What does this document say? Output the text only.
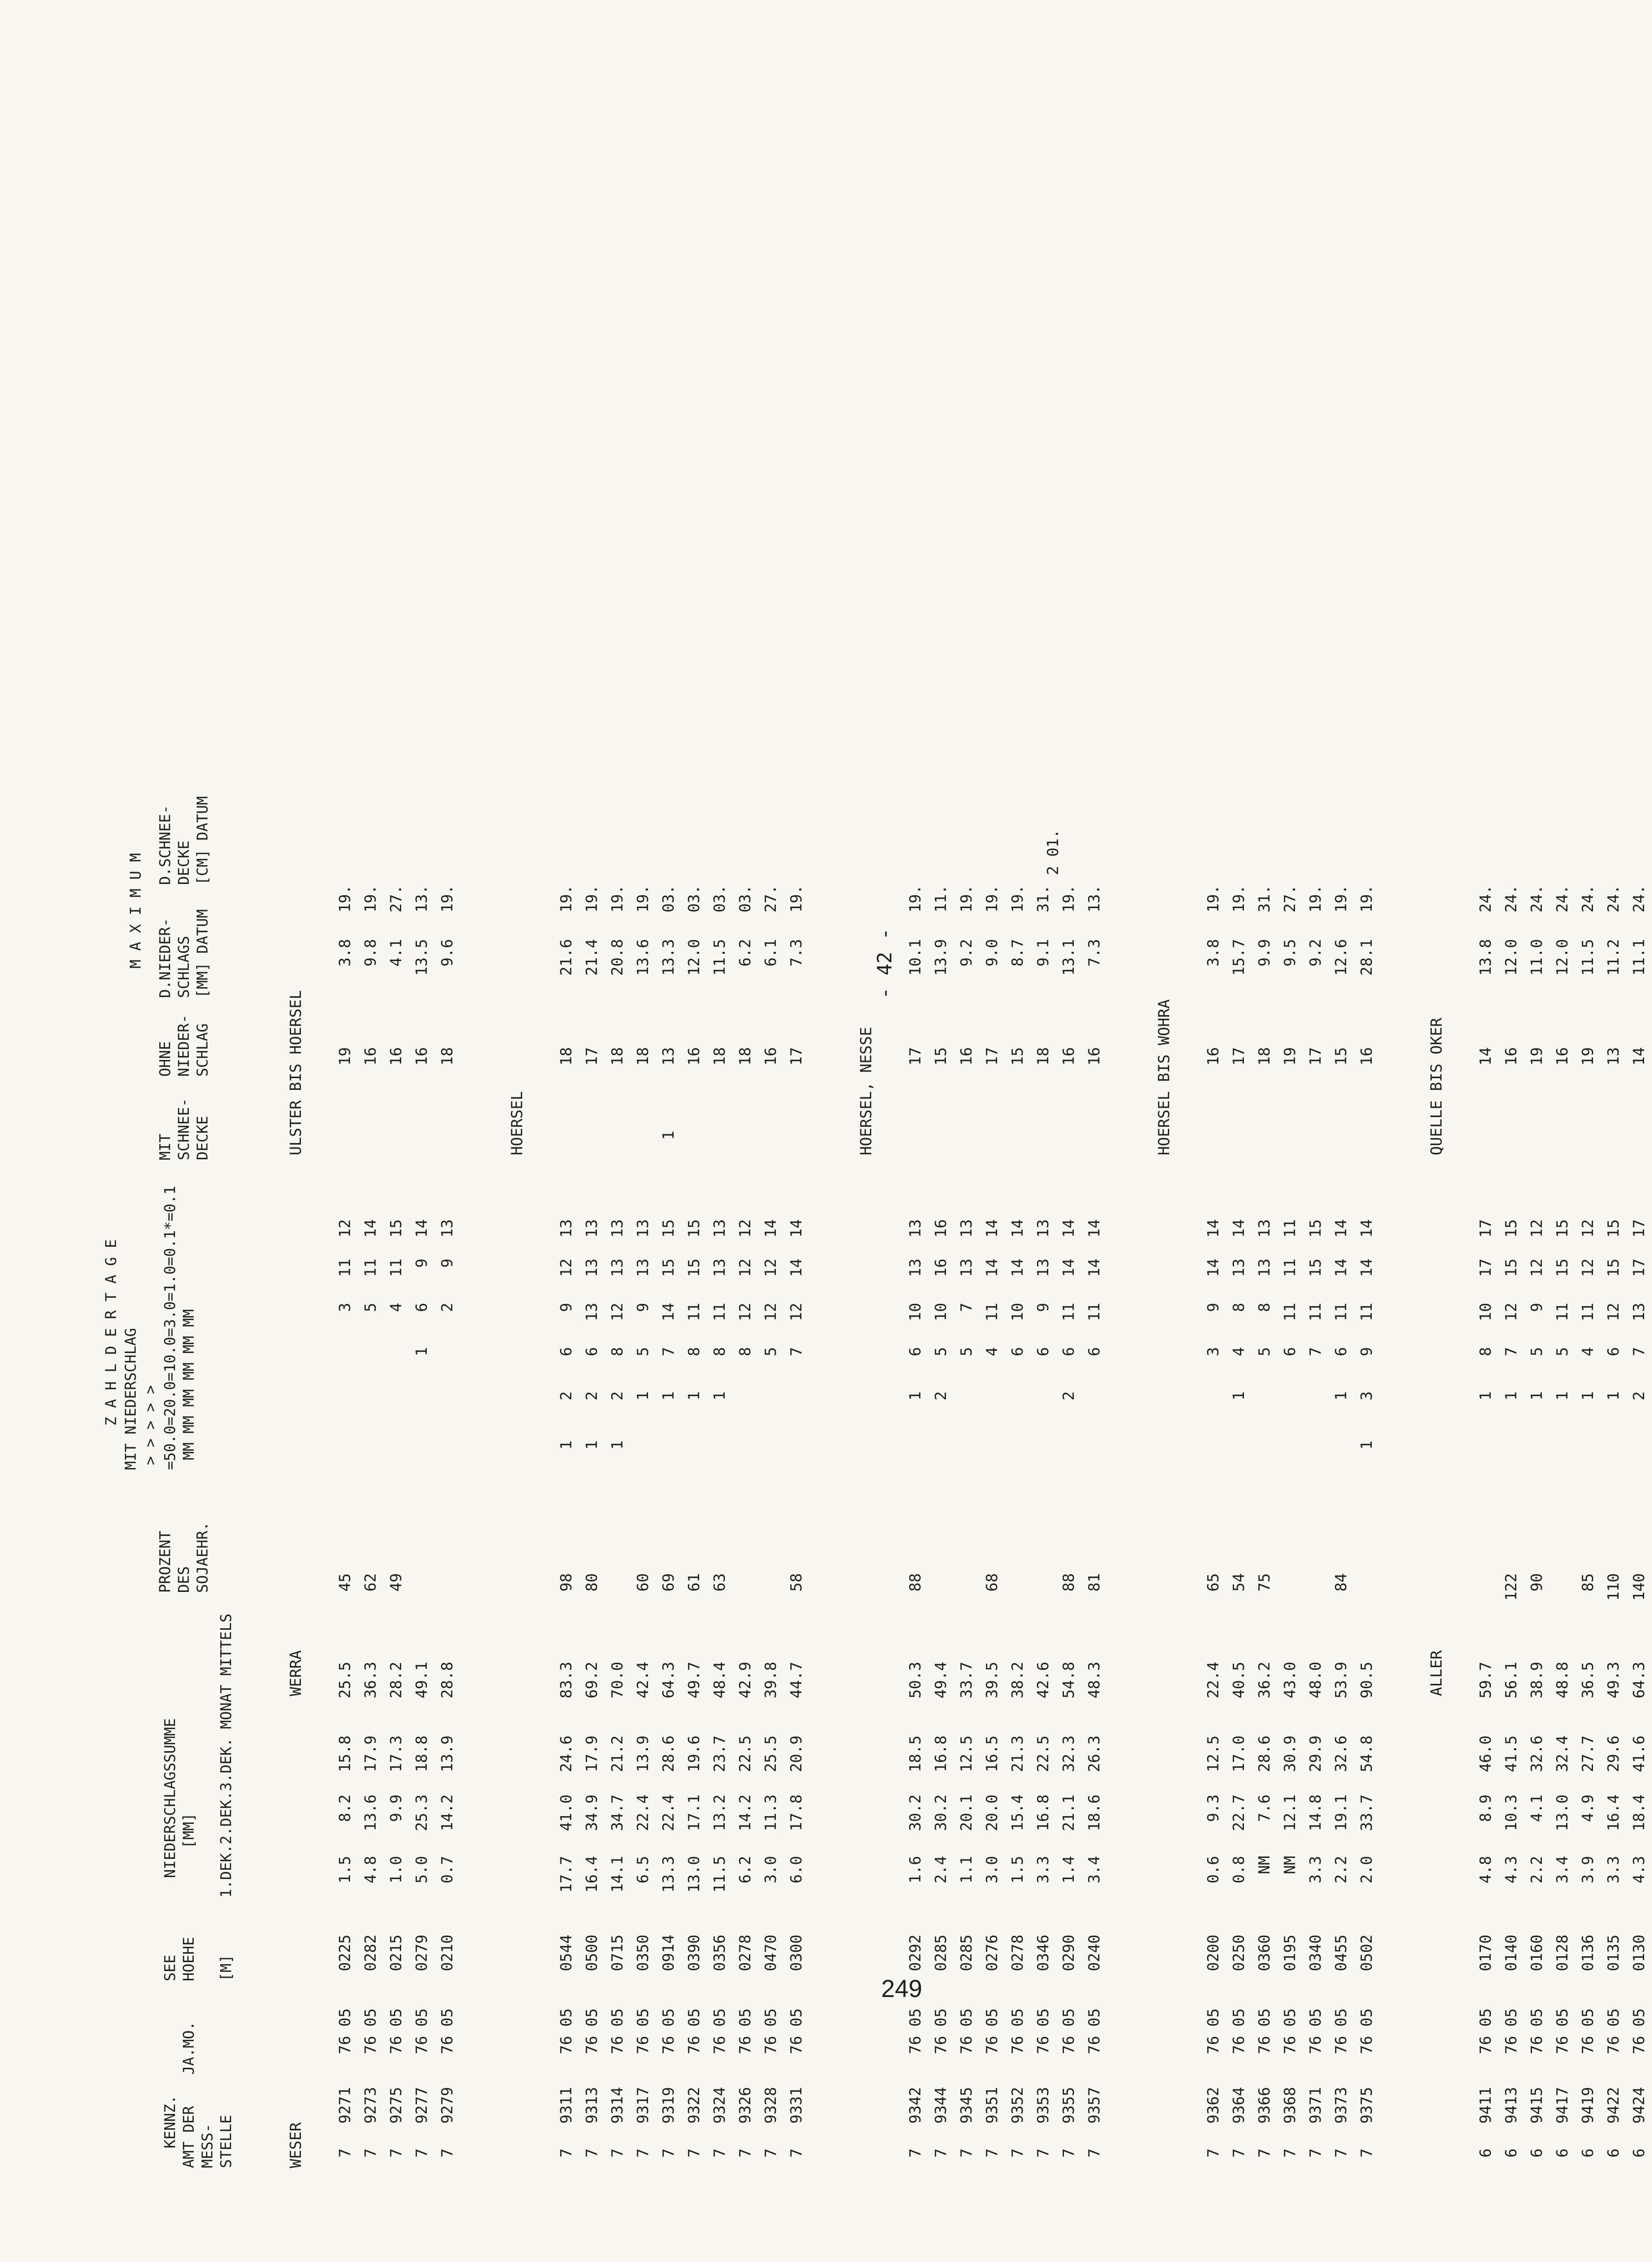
- 42 -
249
KENNZ. AMT DER MESS- STELLE
JA.MO.
SEE HOEHE [M]
NIEDERSCHLAGSSUMME [MM] 1.DEK.2.DEK.3.DEK. MONAT MITTELS
PROZENT DES SOJAEHR.
Z A H L D E R T A G E MIT NIEDERSCHLAG > > > > > =50.0=20.0=10.0=3.0=1.0=0.1*=0.1 MM MM MM MM MM MM
MIT SCHNEE- DECKE
OHNE NIEDER- SCHLAG
M A X I M U M D.NIEDER- SCHLAGS [MM] DATUM
D.SCHNEE- DECKE [CM] DATUM
WESER
WERRA
ULSTER BIS HOERSEL
7
9271
76 05
0225
1.5
8.2
15.8
25.5
45
3
11
12
19
3.8
19.
7
9273
76 05
0282
4.8
13.6
17.9
36.3
62
5
11
14
16
9.8
19.
7
9275
76 05
0215
1.0
9.9
17.3
28.2
49
4
11
15
16
4.1
27.
7
9277
76 05
0279
5.0
25.3
18.8
49.1
1
6
9
14
16
13.5
13.
7
9279
76 05
0210
0.7
14.2
13.9
28.8
2
9
13
18
9.6
19.
HOERSEL
7
9311
76 05
0544
17.7
41.0
24.6
83.3
98
1
2
6
9
12
13
18
21.6
19.
7
9313
76 05
0500
16.4
34.9
17.9
69.2
80
1
2
6
13
13
13
17
21.4
19.
7
9314
76 05
0715
14.1
34.7
21.2
70.0
1
2
8
12
13
13
18
20.8
19.
7
9317
76 05
0350
6.5
22.4
13.9
42.4
60
1
5
9
13
13
18
13.6
19.
7
9319
76 05
0914
13.3
22.4
28.6
64.3
69
1
7
14
15
15
1
13
13.3
03.
7
9322
76 05
0390
13.0
17.1
19.6
49.7
61
1
8
11
15
15
16
12.0
03.
7
9324
76 05
0356
11.5
13.2
23.7
48.4
63
1
8
11
13
13
18
11.5
03.
7
9326
76 05
0278
6.2
14.2
22.5
42.9
8
12
12
12
18
6.2
03.
7
9328
76 05
0470
3.0
11.3
25.5
39.8
5
12
12
14
16
6.1
27.
7
9331
76 05
0300
6.0
17.8
20.9
44.7
58
7
12
14
14
17
7.3
19.
HOERSEL, NESSE
7
9342
76 05
0292
1.6
30.2
18.5
50.3
88
1
6
10
13
13
17
10.1
19.
7
9344
76 05
0285
2.4
30.2
16.8
49.4
2
5
10
16
16
15
13.9
11.
7
9345
76 05
0285
1.1
20.1
12.5
33.7
5
7
13
13
16
9.2
19.
7
9351
76 05
0276
3.0
20.0
16.5
39.5
68
4
11
14
14
17
9.0
19.
7
9352
76 05
0278
1.5
15.4
21.3
38.2
6
10
14
14
15
8.7
19.
7
9353
76 05
0346
3.3
16.8
22.5
42.6
6
9
13
13
18
9.1
31.
7
9355
76 05
0290
1.4
21.1
32.3
54.8
88
2
6
11
14
14
16
13.1
19.
7
9357
76 05
0240
3.4
18.6
26.3
48.3
81
6
11
14
14
16
7.3
13.
HOERSEL BIS WOHRA
7
9362
76 05
0200
0.6
9.3
12.5
22.4
65
3
9
14
14
16
3.8
19.
7
9364
76 05
0250
0.8
22.7
17.0
40.5
54
1
4
8
13
14
17
15.7
19.
7
9366
76 05
0360
NM
7.6
28.6
36.2
75
5
8
13
13
18
9.9
31.
7
9368
76 05
0195
NM
12.1
30.9
43.0
6
11
11
11
19
9.5
27.
7
9371
76 05
0340
3.3
14.8
29.9
48.0
7
11
15
15
17
9.2
19.
7
9373
76 05
0455
2.2
19.1
32.6
53.9
84
1
6
11
14
14
15
12.6
19.
7
9375
76 05
0502
2.0
33.7
54.8
90.5
1
3
9
11
14
14
16
28.1
19.
ALLER
QUELLE BIS OKER
6
9411
76 05
0170
4.8
8.9
46.0
59.7
1
8
10
17
17
14
13.8
24.
6
9413
76 05
0140
4.3
10.3
41.5
56.1
122
1
7
12
15
15
16
12.0
24.
6
9415
76 05
0160
2.2
4.1
32.6
38.9
90
1
5
9
12
12
19
11.0
24.
6
9417
76 05
0128
3.4
13.0
32.4
48.8
1
5
11
15
15
16
12.0
24.
6
9419
76 05
0136
3.9
4.9
27.7
36.5
85
1
4
11
12
12
19
11.5
24.
6
9422
76 05
0135
3.3
16.4
29.6
49.3
110
1
6
12
15
15
13
11.2
24.
6
9424
76 05
0130
4.3
18.4
41.6
64.3
140
2
7
13
17
17
14
11.1
24.
2 01.
